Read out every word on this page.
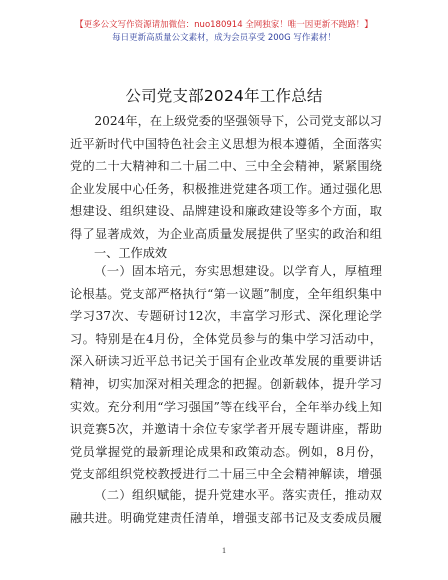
【更多公文写作资源请加微信：nuo180914 全网独家！唯一因更新不跑路！】
每日更新高质量公文素材，成为会员享受 200G 写作素材！
公司党支部2024年工作总结
2024年，在上级党委的坚强领导下，公司党支部以习近平新时代中国特色社会主义思想为根本遵循，全面落实党的二十大精神和二十届二中、三中全会精神，紧紧围绕企业发展中心任务，积极推进党建各项工作。通过强化思想建设、组织建设、品牌建设和廉政建设等多个方面，取得了显著成效，为企业高质量发展提供了坚实的政治和组
一、工作成效
（一）固本培元，夯实思想建设。以学育人，厚植理论根基。党支部严格执行“第一议题”制度，全年组织集中学习37次、专题研讨12次，丰富学习形式、深化理论学习。特别是在4月份，全体党员参与的集中学习活动中，深入研读习近平总书记关于国有企业改革发展的重要讲话精神，切实加深对相关理念的把握。创新载体，提升学习实效。充分利用“学习强国”等在线平台，全年举办线上知识竞赛5次，并邀请十余位专家学者开展专题讲座，帮助党员掌握党的最新理论成果和政策动态。例如，8月份，党支部组织党校教授进行二十届三中全会精神解读，增强
（二）组织赋能，提升党建水平。落实责任，推动双融共进。明确党建责任清单，增强支部书记及支委成员履
1
